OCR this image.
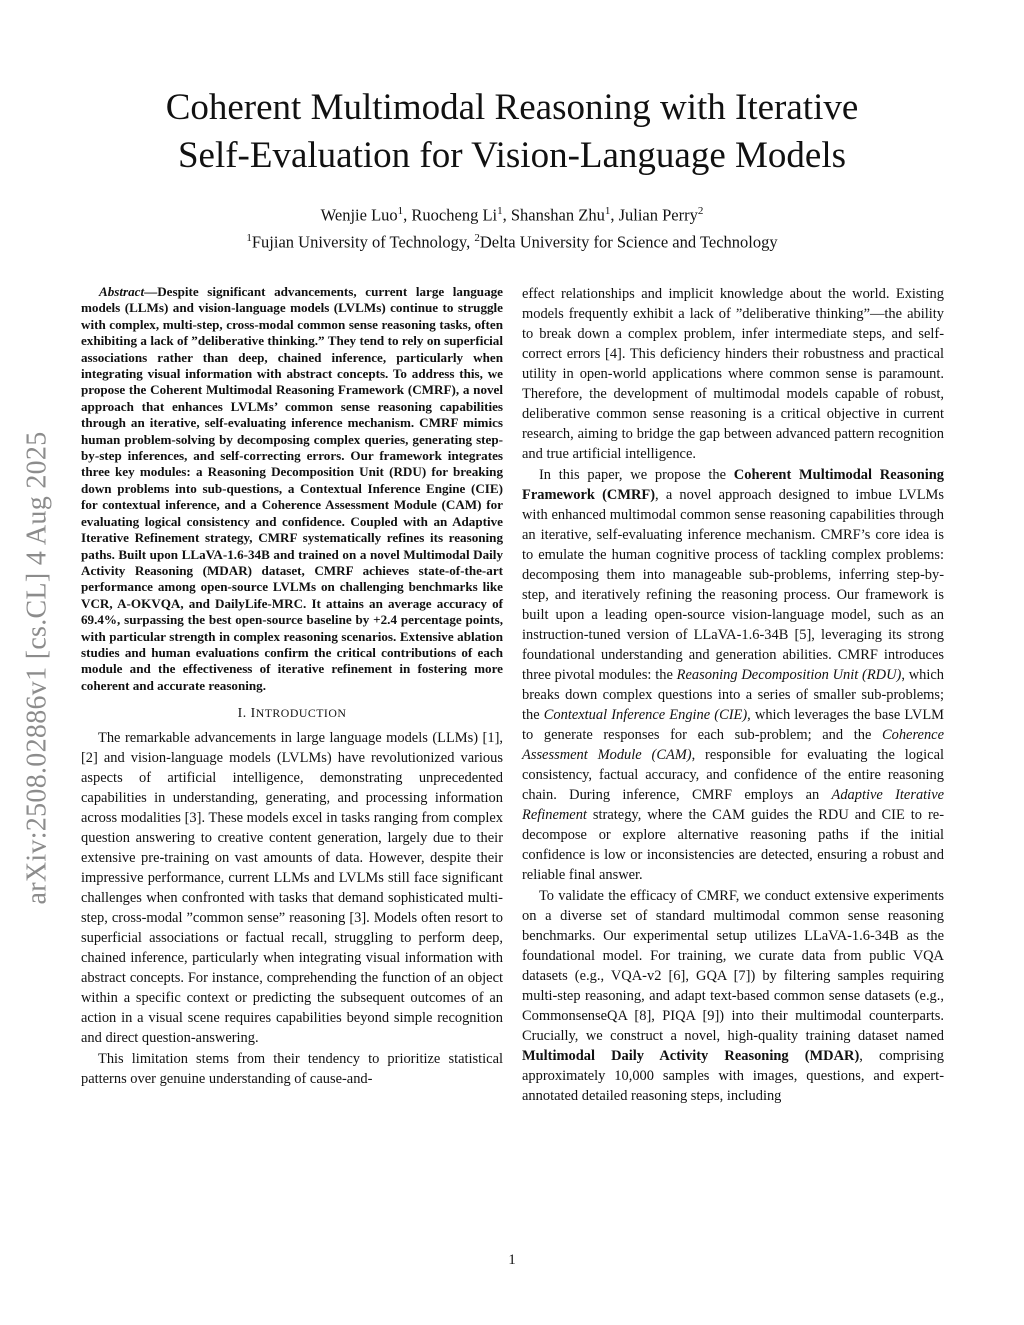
arXiv:2508.02886v1 [cs.CL] 4 Aug 2025
Coherent Multimodal Reasoning with Iterative
Self-Evaluation for Vision-Language Models
Wenjie Luo$^1$, Ruocheng Li$^1$, Shanshan Zhu$^1$, Julian Perry$^2$
$^1$Fujian University of Technology, $^2$Delta University for Science and Technology

Abstract—Despite significant advancements, current large language models (LLMs) and vision-language models (LVLMs) continue to struggle with complex, multi-step, cross-modal common sense reasoning tasks, often exhibiting a lack of ”deliberative thinking.” They tend to rely on superficial associations rather than deep, chained inference, particularly when integrating visual information with abstract concepts. To address this, we propose the Coherent Multimodal Reasoning Framework (CMRF), a novel approach that enhances LVLMs’ common sense reasoning capabilities through an iterative, self-evaluating inference mechanism. CMRF mimics human problem-solving by decomposing complex queries, generating step-by-step inferences, and self-correcting errors. Our framework integrates three key modules: a Reasoning Decomposition Unit (RDU) for breaking down problems into sub-questions, a Contextual Inference Engine (CIE) for contextual inference, and a Coherence Assessment Module (CAM) for evaluating logical consistency and confidence. Coupled with an Adaptive Iterative Refinement strategy, CMRF systematically refines its reasoning paths. Built upon LLaVA-1.6-34B and trained on a novel Multimodal Daily Activity Reasoning (MDAR) dataset, CMRF achieves state-of-the-art performance among open-source LVLMs on challenging benchmarks like VCR, A-OKVQA, and DailyLife-MRC. It attains an average accuracy of 69.4%, surpassing the best open-source baseline by +2.4 percentage points, with particular strength in complex reasoning scenarios. Extensive ablation studies and human evaluations confirm the critical contributions of each module and the effectiveness of iterative refinement in fostering more coherent and accurate reasoning.

I. INTRODUCTION

The remarkable advancements in large language models (LLMs) [1], [2] and vision-language models (LVLMs) have revolutionized various aspects of artificial intelligence, demonstrating unprecedented capabilities in understanding, generating, and processing information across modalities [3]. These models excel in tasks ranging from complex question answering to creative content generation, largely due to their extensive pre-training on vast amounts of data. However, despite their impressive performance, current LLMs and LVLMs still face significant challenges when confronted with tasks that demand sophisticated multi-step, cross-modal ”common sense” reasoning [3]. Models often resort to superficial associations or factual recall, struggling to perform deep, chained inference, particularly when integrating visual information with abstract concepts. For instance, comprehending the function of an object within a specific context or predicting the subsequent outcomes of an action in a visual scene requires capabilities beyond simple recognition and direct question-answering.

This limitation stems from their tendency to prioritize statistical patterns over genuine understanding of cause-and-

effect relationships and implicit knowledge about the world. Existing models frequently exhibit a lack of ”deliberative thinking”—the ability to break down a complex problem, infer intermediate steps, and self-correct errors [4]. This deficiency hinders their robustness and practical utility in open-world applications where common sense is paramount. Therefore, the development of multimodal models capable of robust, deliberative common sense reasoning is a critical objective in current research, aiming to bridge the gap between advanced pattern recognition and true artificial intelligence.

In this paper, we propose the Coherent Multimodal Reasoning Framework (CMRF), a novel approach designed to imbue LVLMs with enhanced multimodal common sense reasoning capabilities through an iterative, self-evaluating inference mechanism. CMRF’s core idea is to emulate the human cognitive process of tackling complex problems: decomposing them into manageable sub-problems, inferring step-by-step, and iteratively refining the reasoning process. Our framework is built upon a leading open-source vision-language model, such as an instruction-tuned version of LLaVA-1.6-34B [5], leveraging its strong foundational understanding and generation abilities. CMRF introduces three pivotal modules: the Reasoning Decomposition Unit (RDU), which breaks down complex questions into a series of smaller sub-problems; the Contextual Inference Engine (CIE), which leverages the base LVLM to generate responses for each sub-problem; and the Coherence Assessment Module (CAM), responsible for evaluating the logical consistency, factual accuracy, and confidence of the entire reasoning chain. During inference, CMRF employs an Adaptive Iterative Refinement strategy, where the CAM guides the RDU and CIE to re-decompose or explore alternative reasoning paths if the initial confidence is low or inconsistencies are detected, ensuring a robust and reliable final answer.

To validate the efficacy of CMRF, we conduct extensive experiments on a diverse set of standard multimodal common sense reasoning benchmarks. Our experimental setup utilizes LLaVA-1.6-34B as the foundational model. For training, we curate data from public VQA datasets (e.g., VQA-v2 [6], GQA [7]) by filtering samples requiring multi-step reasoning, and adapt text-based common sense datasets (e.g., CommonsenseQA [8], PIQA [9]) into their multimodal counterparts. Crucially, we construct a novel, high-quality training dataset named Multimodal Daily Activity Reasoning (MDAR), comprising approximately 10,000 samples with images, questions, and expert-annotated detailed reasoning steps, including

1
